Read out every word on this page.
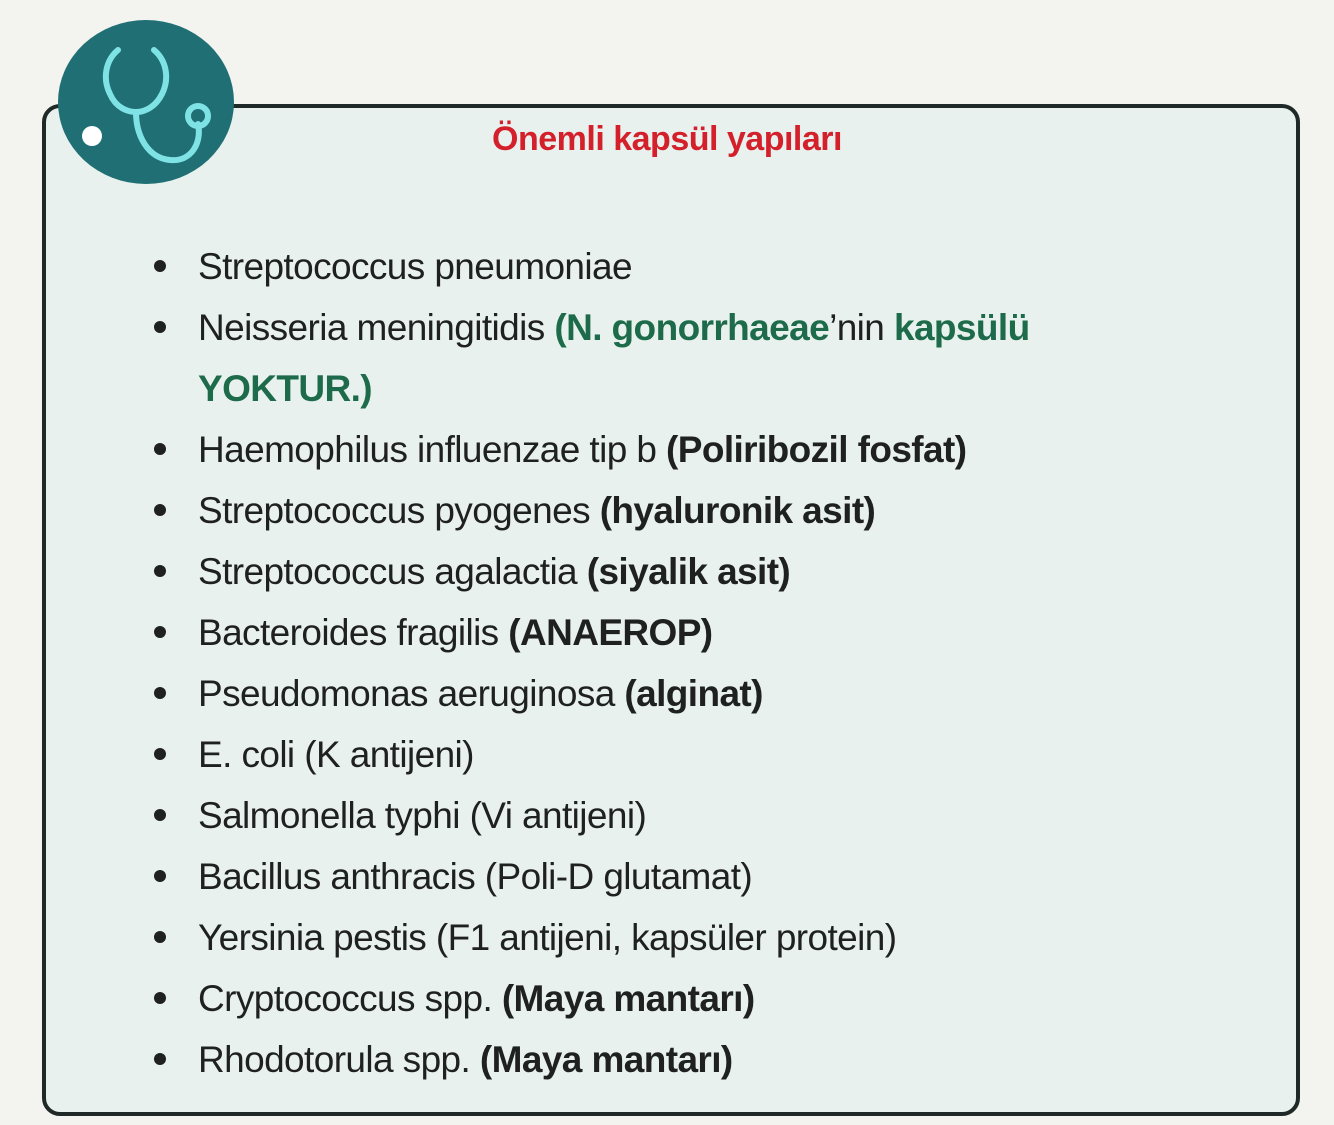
Önemli kapsül yapıları
Streptococcus pneumoniae
Neisseria meningitidis (N. gonorrhaeae’nin kapsülü
YOKTUR.)
Haemophilus influenzae tip b (Poliribozil fosfat)
Streptococcus pyogenes (hyaluronik asit)
Streptococcus agalactia (siyalik asit)
Bacteroides fragilis (ANAEROP)
Pseudomonas aeruginosa (alginat)
E. coli (K antijeni)
Salmonella typhi (Vi antijeni)
Bacillus anthracis (Poli-D glutamat)
Yersinia pestis (F1 antijeni, kapsüler protein)
Cryptococcus spp. (Maya mantarı)
Rhodotorula spp. (Maya mantarı)
